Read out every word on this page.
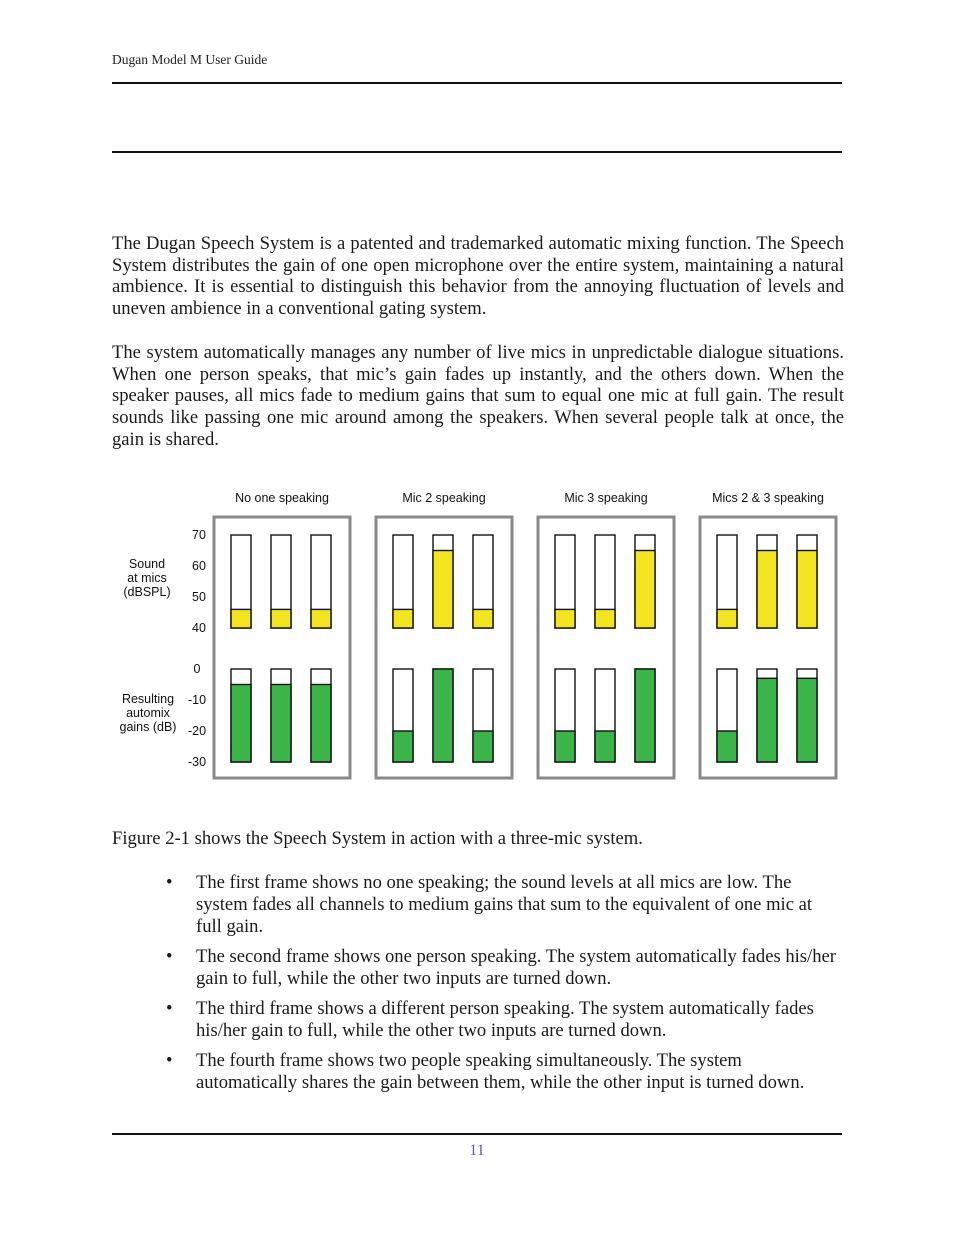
Dugan Model M User Guide

The Dugan Speech System is a patented and trademarked automatic mixing function. The Speech System distributes the gain of one open microphone over the entire system, maintaining a natural ambience. It is essential to distinguish this behavior from the annoying fluctuation of levels and uneven ambience in a conventional gating system.

The system automatically manages any number of live mics in unpredictable dialogue situations. When one person speaks, that mic’s gain fades up instantly, and the others down. When the speaker pauses, all mics fade to medium gains that sum to equal one mic at full gain. The result sounds like passing one mic around among the speakers. When several people talk at once, the gain is shared.

70
60
50
40
0
-10
-20
-30
Sound
at mics
(dBSPL)
Resulting
automix
gains (dB)
No one speaking	Mic 2 speaking	Mic 3 speaking	Mics 2 & 3 speaking

Figure 2-1 shows the Speech System in action with a three-mic system.

• The first frame shows no one speaking; the sound levels at all mics are low. The system fades all channels to medium gains that sum to the equivalent of one mic at full gain.
• The second frame shows one person speaking. The system automatically fades his/her gain to full, while the other two inputs are turned down.
• The third frame shows a different person speaking. The system automatically fades his/her gain to full, while the other two inputs are turned down.
• The fourth frame shows two people speaking simultaneously. The system automatically shares the gain between them, while the other input is turned down.
11
